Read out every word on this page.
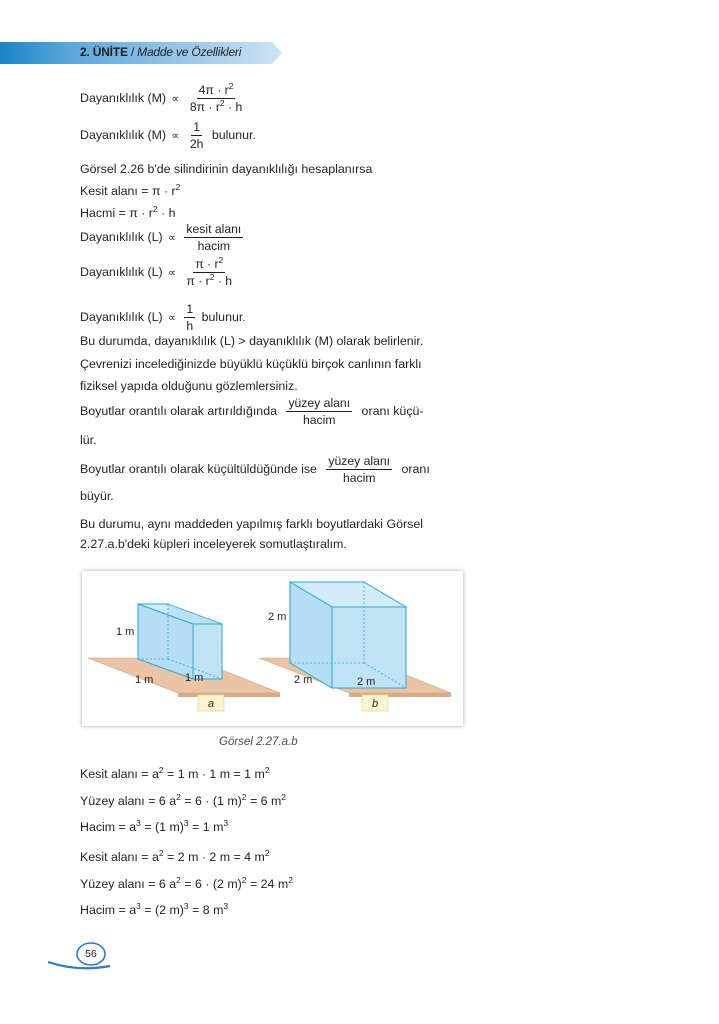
2. ÜNİTE / Madde ve Özellikleri
Dayanıklılık $(M) \propto \frac{4\pi \cdot r^2}{8\pi \cdot r^2 \cdot h}$
Dayanıklılık $(M) \propto \frac{1}{2h}$ bulunur.
Görsel 2.26 b'de silindirinin dayanıklılığı hesaplanırsa
Kesit alanı = $\pi \cdot r^2$
Hacmi = $\pi \cdot r^2 \cdot h$
Dayanıklılık $(L) \propto \frac{\text{kesit alanı}}{\text{hacim}}$
Dayanıklılık $(L) \propto \frac{\pi \cdot r^2}{\pi \cdot r^2 \cdot h}$
Dayanıklılık $(L) \propto \frac{1}{h}$ bulunur.
Bu durumda, dayanıklılık (L) > dayanıklılık (M) olarak belirlenir.
Çevrenizi incelediğinizde büyüklü küçüklü birçok canlının farklı
fiziksel yapıda olduğunu gözlemlersiniz.
Boyutlar orantılı olarak artırıldığında $\frac{\text{yüzey alanı}}{\text{hacim}}$ oranı küçü-
lür.
Boyutlar orantılı olarak küçültüldüğünde ise $\frac{\text{yüzey alanı}}{\text{hacim}}$ oranı
büyür.
Bu durumu, aynı maddeden yapılmış farklı boyutlardaki Görsel
2.27.a.b'deki küpleri inceleyerek somutlaştıralım.
Kesit alanı = $a^2 = 1$ m · 1 m = 1 $m^2$
Yüzey alanı = 6 $a^2 = 6 \cdot (1$ m)$^2$ = 6 $m^2$
Hacim = $a^3 = (1$ m)$^3$ = 1 $m^3$
Kesit alanı = $a^2 = 2$ m · 2 m = 4 $m^2$
Yüzey alanı = 6 $a^2 = 6 \cdot (2$ m)$^2$ = 24 $m^2$
Hacim = $a^3 = (2$ m)$^3$ = 8 $m^3$
1 m
1 m	1 m
2 m
2 m	2 m
a	b
Görsel 2.27.a.b
56
